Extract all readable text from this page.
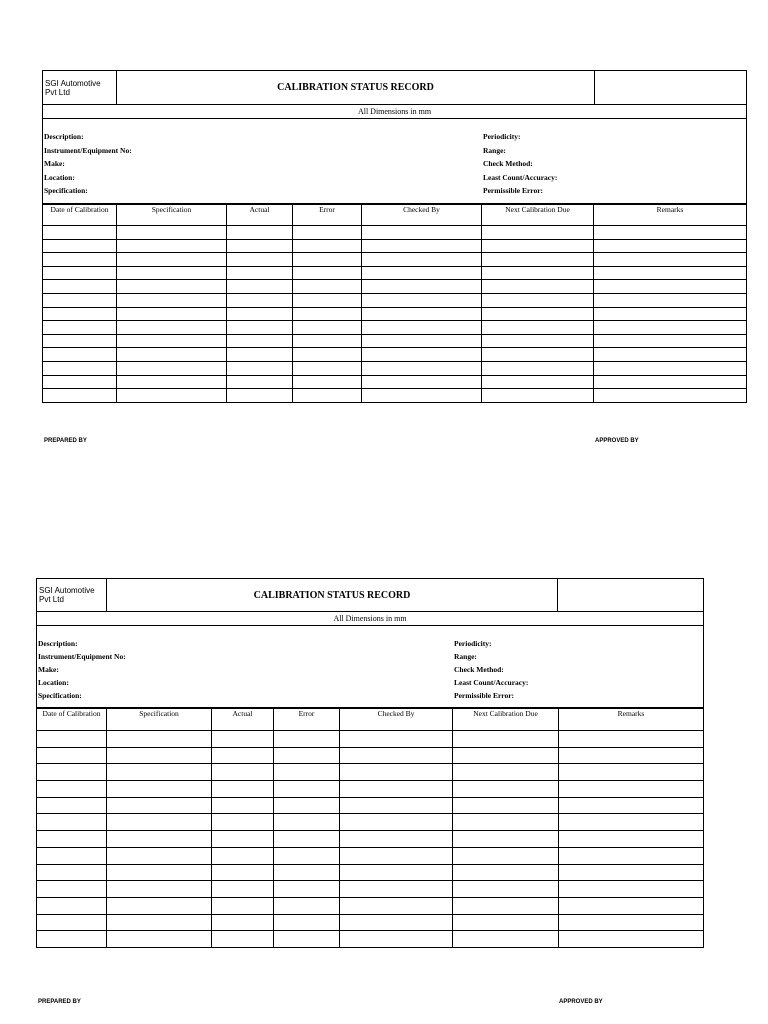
SGI Automotive
Pvt Ltd	CALIBRATION STATUS RECORD	
All Dimensions in mm
Description:
Instrument/Equipment No:
Make:
Location:
Specification:
Periodicity:
Range:
Check Method:
Least Count/Accuracy:
Permissible Error:
Date of Calibration	Specification	Actual	Error	Checked By	Next Calibration Due	Remarks

PREPARED BY	APPROVED BY
SGI Automotive
Pvt Ltd	CALIBRATION STATUS RECORD	
All Dimensions in mm
Description:
Instrument/Equipment No:
Make:
Location:
Specification:
Periodicity:
Range:
Check Method:
Least Count/Accuracy:
Permissible Error:
Date of Calibration	Specification	Actual	Error	Checked By	Next Calibration Due	Remarks

PREPARED BY	APPROVED BY
